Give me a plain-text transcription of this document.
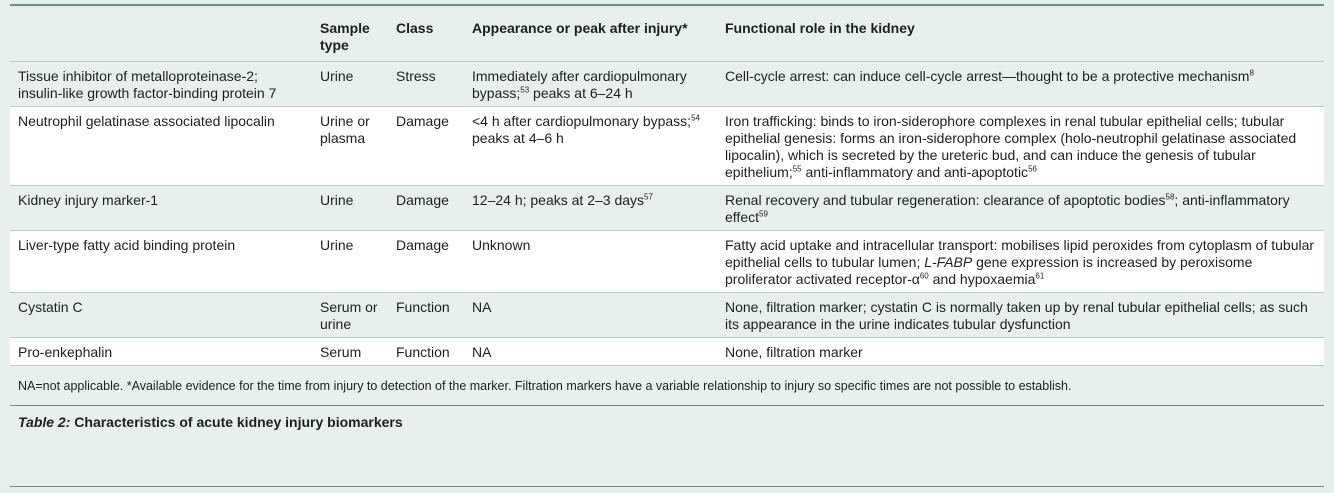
	Sample type	Class	Appearance or peak after injury*	Functional role in the kidney
Tissue inhibitor of metalloproteinase-2; insulin-like growth factor-binding protein 7	Urine	Stress	Immediately after cardiopulmonary bypass;$^{53}$ peaks at 6–24 h	Cell-cycle arrest: can induce cell-cycle arrest—thought to be a protective mechanism$^8$
Neutrophil gelatinase associated lipocalin	Urine or plasma	Damage	<4 h after cardiopulmonary bypass;$^{54}$ peaks at 4–6 h	Iron trafficking: binds to iron-siderophore complexes in renal tubular epithelial cells; tubular epithelial genesis: forms an iron-siderophore complex (holo-neutrophil gelatinase associated lipocalin), which is secreted by the ureteric bud, and can induce the genesis of tubular epithelium;$^{55}$ anti-inflammatory and anti-apoptotic$^{56}$
Kidney injury marker-1	Urine	Damage	12–24 h; peaks at 2–3 days$^{57}$	Renal recovery and tubular regeneration: clearance of apoptotic bodies$^{58}$; anti-inflammatory effect$^{59}$
Liver-type fatty acid binding protein	Urine	Damage	Unknown	Fatty acid uptake and intracellular transport: mobilises lipid peroxides from cytoplasm of tubular epithelial cells to tubular lumen; L-FABP gene expression is increased by peroxisome proliferator activated receptor-$\alpha^{60}$ and hypoxaemia$^{61}$
Cystatin C	Serum or urine	Function	NA	None, filtration marker; cystatin C is normally taken up by renal tubular epithelial cells; as such its appearance in the urine indicates tubular dysfunction
Pro-enkephalin	Serum	Function	NA	None, filtration marker
NA=not applicable. *Available evidence for the time from injury to detection of the marker. Filtration markers have a variable relationship to injury so specific times are not possible to establish.
Table 2: Characteristics of acute kidney injury biomarkers
